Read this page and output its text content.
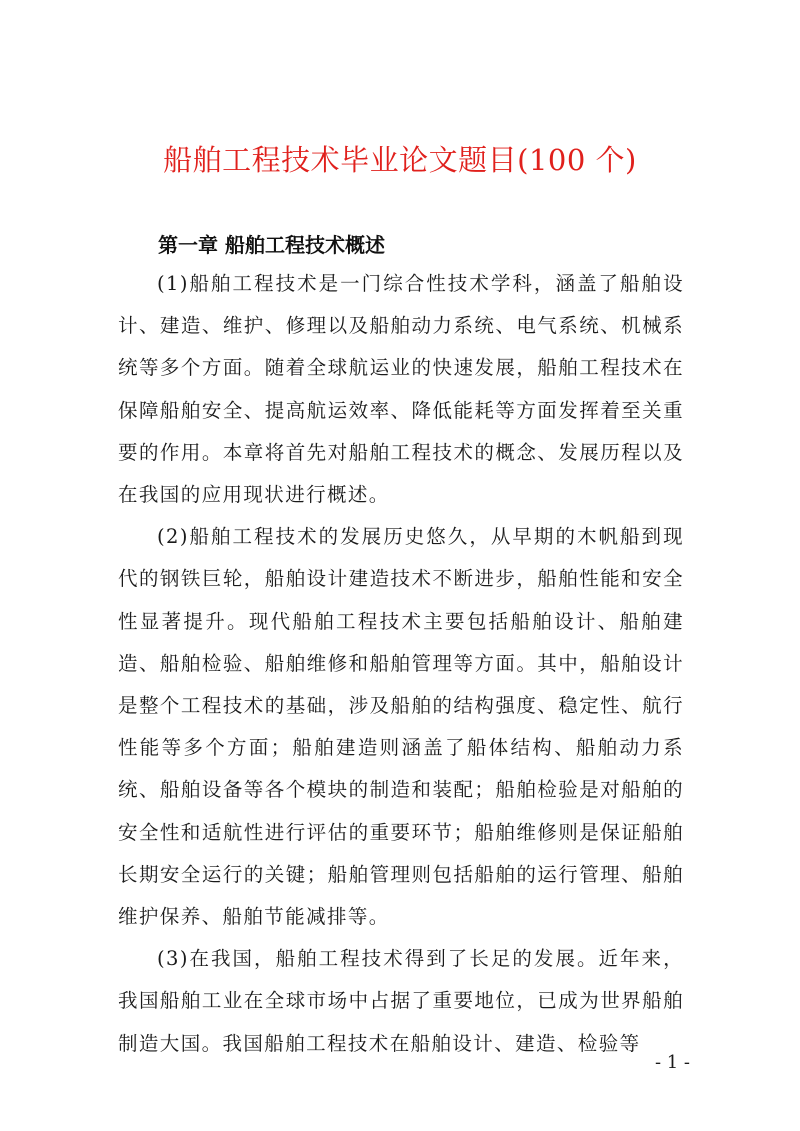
船舶工程技术毕业论文题目(100 个)
第一章 船舶工程技术概述

(1)船舶工程技术是一门综合性技术学科，涵盖了船舶设计、建造、维护、修理以及船舶动力系统、电气系统、机械系统等多个方面。随着全球航运业的快速发展，船舶工程技术在保障船舶安全、提高航运效率、降低能耗等方面发挥着至关重要的作用。本章将首先对船舶工程技术的概念、发展历程以及在我国的应用现状进行概述。

(2)船舶工程技术的发展历史悠久，从早期的木帆船到现代的钢铁巨轮，船舶设计建造技术不断进步，船舶性能和安全性显著提升。现代船舶工程技术主要包括船舶设计、船舶建造、船舶检验、船舶维修和船舶管理等方面。其中，船舶设计是整个工程技术的基础，涉及船舶的结构强度、稳定性、航行性能等多个方面；船舶建造则涵盖了船体结构、船舶动力系统、船舶设备等各个模块的制造和装配；船舶检验是对船舶的安全性和适航性进行评估的重要环节；船舶维修则是保证船舶长期安全运行的关键；船舶管理则包括船舶的运行管理、船舶维护保养、船舶节能减排等。

(3)在我国，船舶工程技术得到了长足的发展。近年来，我国船舶工业在全球市场中占据了重要地位，已成为世界船舶制造大国。我国船舶工程技术在船舶设计、建造、检验等

- 1 -
